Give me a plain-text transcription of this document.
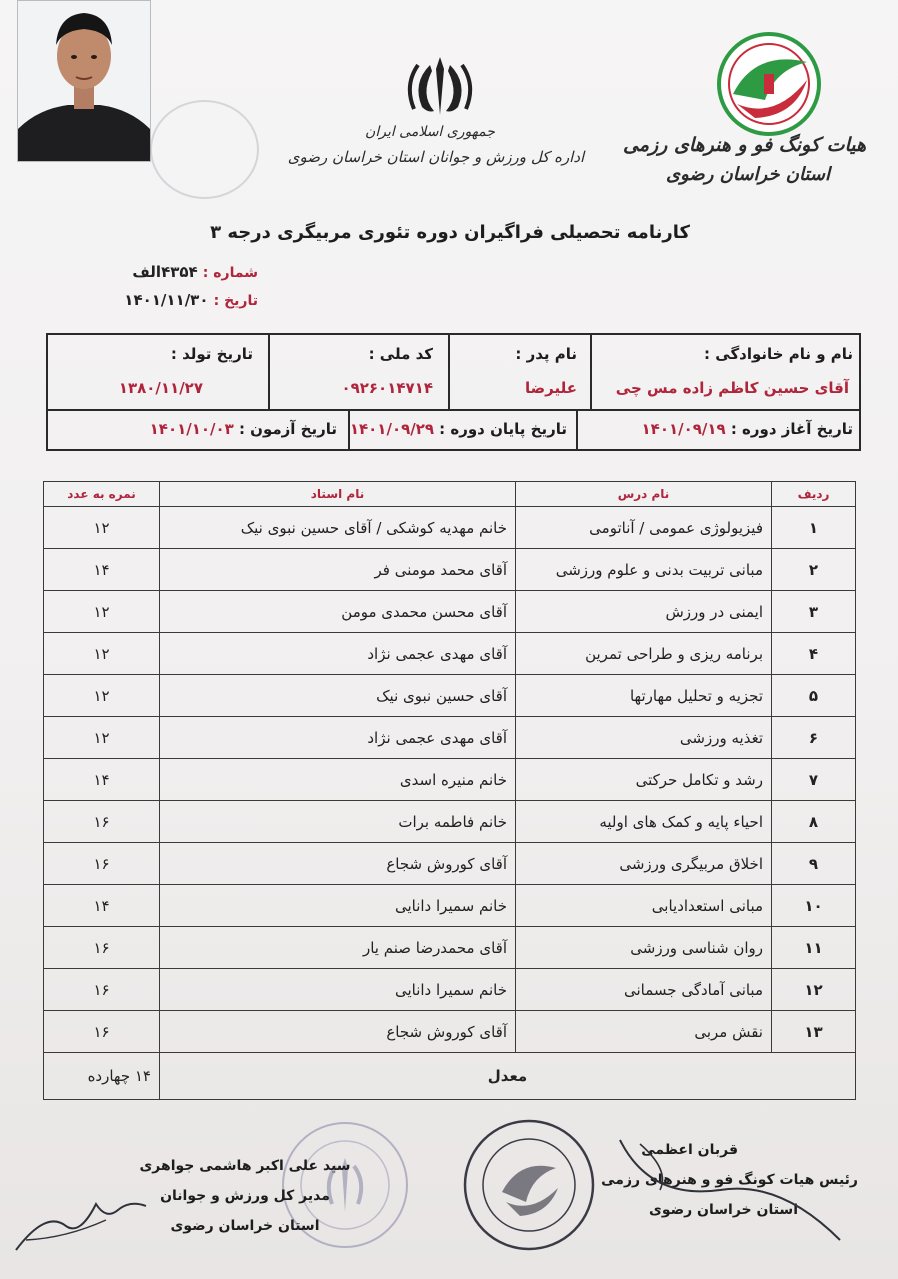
هیات کونگ فو و هنرهای رزمی
استان خراسان رضوی
جمهوری اسلامی ایران
اداره کل ورزش و جوانان استان خراسان رضوی
کارنامه تحصیلی فراگیران دوره تئوری مربیگری درجه ۳
شماره : ۴۳۵۴الف
تاریخ : ۱۴۰۱/۱۱/۳۰
نام و نام خانوادگی :
آقای حسین کاظم زاده مس چی
نام پدر :
علیرضا
کد ملی :
۰۹۲۶۰۱۴۷۱۴
تاریخ تولد :
۱۳۸۰/۱۱/۲۷
تاریخ آغاز دوره : ۱۴۰۱/۰۹/۱۹
تاریخ پایان دوره : ۱۴۰۱/۰۹/۲۹
تاریخ آزمون : ۱۴۰۱/۱۰/۰۳
ردیف	نام درس	نام استاد	نمره به عدد
۱	فیزیولوژی عمومی / آناتومی	خانم مهدیه کوشکی / آقای حسین نبوی نیک	۱۲
۲	مبانی تربیت بدنی و علوم ورزشی	آقای محمد مومنی فر	۱۴
۳	ایمنی در ورزش	آقای محسن محمدی مومن	۱۲
۴	برنامه ریزی و طراحی تمرین	آقای مهدی عجمی نژاد	۱۲
۵	تجزیه و تحلیل مهارتها	آقای حسین نبوی نیک	۱۲
۶	تغذیه ورزشی	آقای مهدی عجمی نژاد	۱۲
۷	رشد و تکامل حرکتی	خانم منیره اسدی	۱۴
۸	احیاء پایه و کمک های اولیه	خانم فاطمه برات	۱۶
۹	اخلاق مربیگری ورزشی	آقای کوروش شجاع	۱۶
۱۰	مبانی استعدادیابی	خانم سمیرا دانایی	۱۴
۱۱	روان شناسی ورزشی	آقای محمدرضا صنم یار	۱۶
۱۲	مبانی آمادگی جسمانی	خانم سمیرا دانایی	۱۶
۱۳	نقش مربی	آقای کوروش شجاع	۱۶
معدل			۱۴ چهارده
قربان اعظمی
رئیس هیات کونگ فو و هنرهای رزمی
استان خراسان رضوی
سید علی اکبر هاشمی جواهری
مدیر کل ورزش و جوانان
استان خراسان رضوی
